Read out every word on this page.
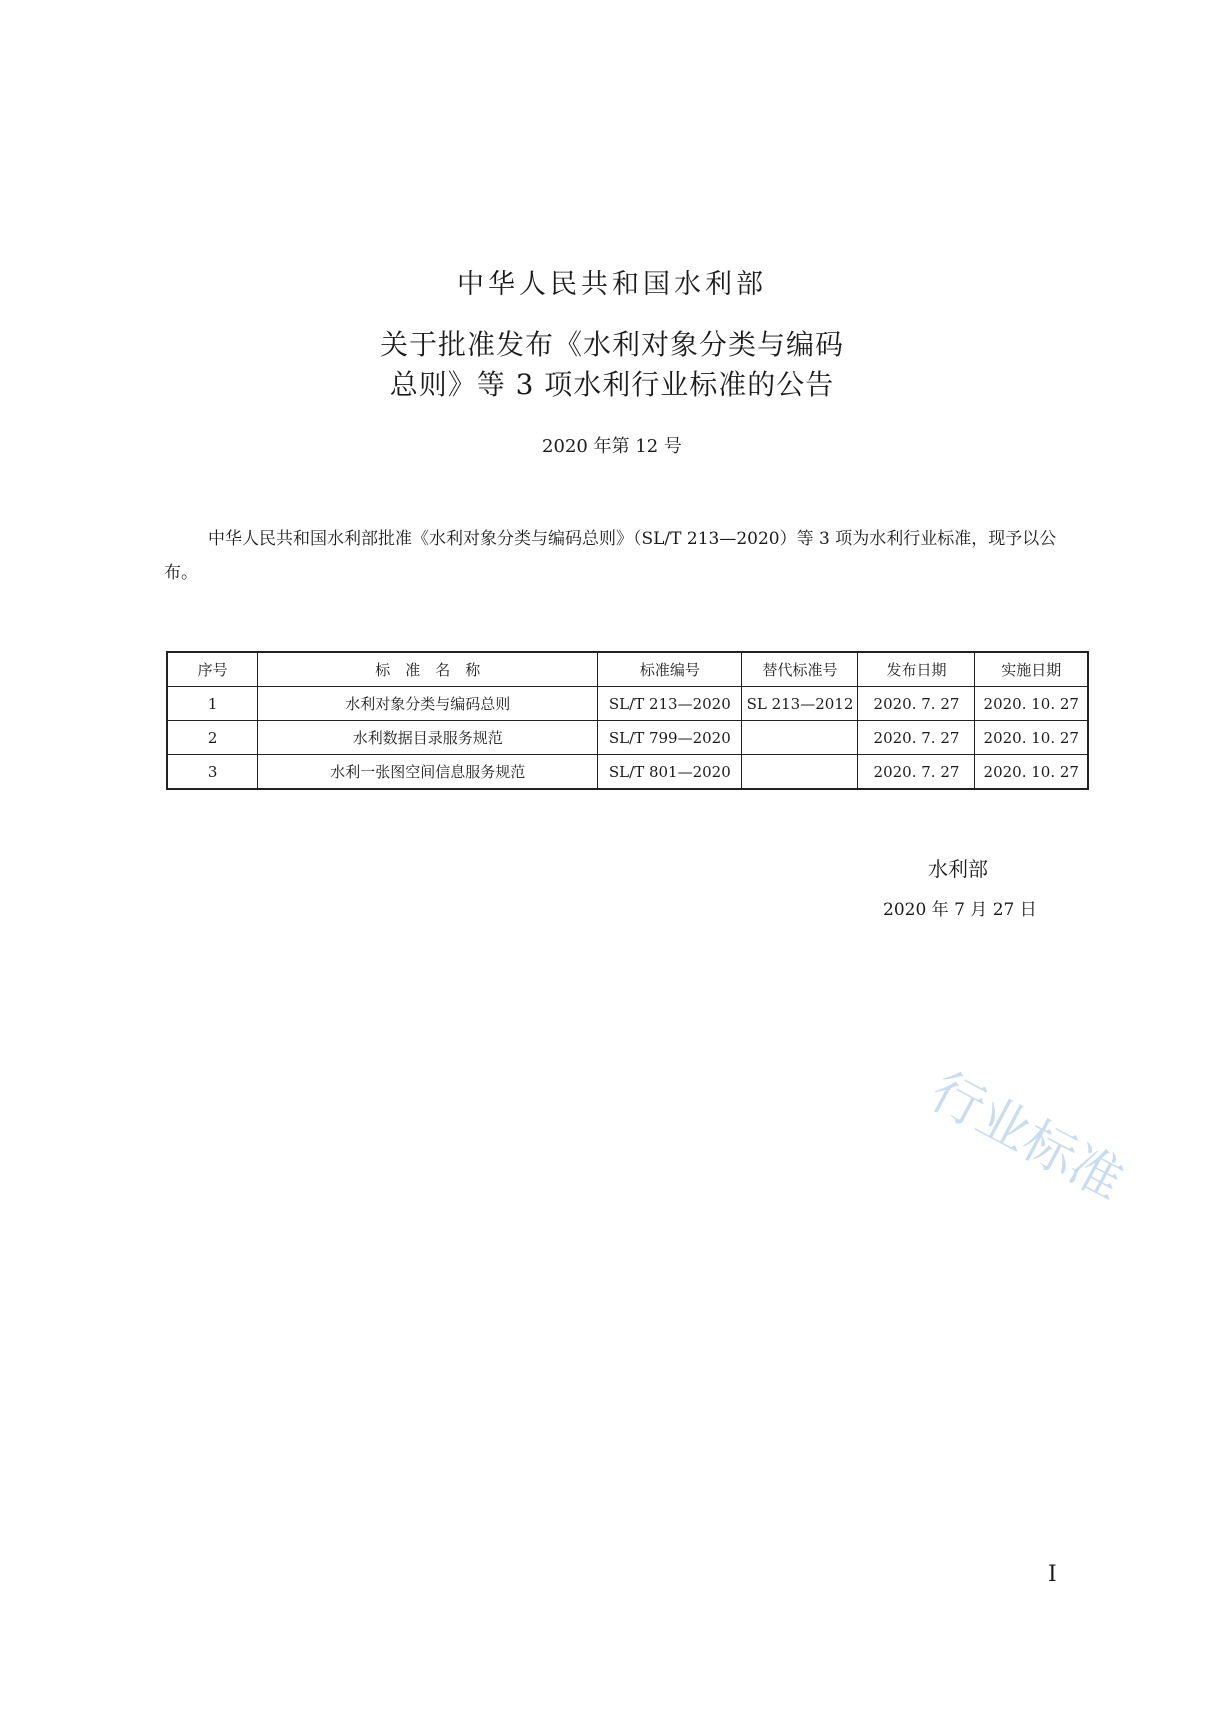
中华人民共和国水利部
关于批准发布《水利对象分类与编码
总则》等 3 项水利行业标准的公告
2020 年第 12 号

中华人民共和国水利部批准《水利对象分类与编码总则》（SL/T 213—2020）等 3 项为水利行业标准，现予以公布。

序号	标　准　名　称	标准编号	替代标准号	发布日期	实施日期
1	水利对象分类与编码总则	SL/T 213—2020	SL 213—2012	2020. 7. 27	2020. 10. 27
2	水利数据目录服务规范	SL/T 799—2020		2020. 7. 27	2020. 10. 27
3	水利一张图空间信息服务规范	SL/T 801—2020		2020. 7. 27	2020. 10. 27
水利部
2020 年 7 月 27 日
行业标准
I
